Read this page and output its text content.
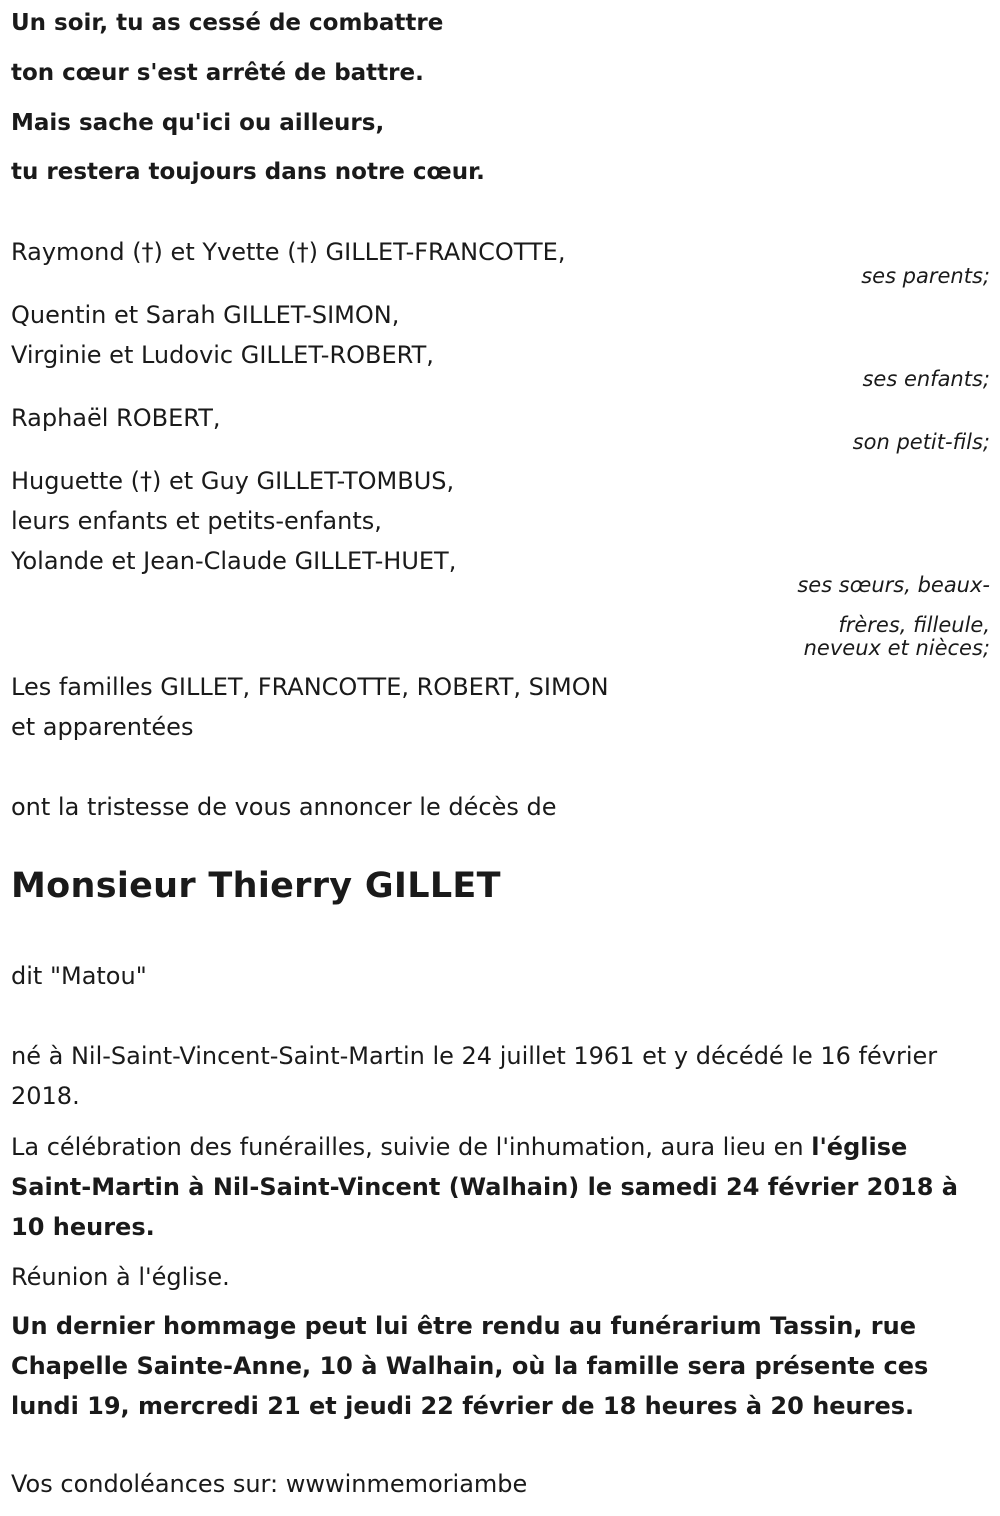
Un soir, tu as cessé de combattre
ton cœur s'est arrêté de battre.
Mais sache qu'ici ou ailleurs,
tu restera toujours dans notre cœur.
Raymond (†) et Yvette (†) GILLET-FRANCOTTE,
ses parents;
Quentin et Sarah GILLET-SIMON,
Virginie et Ludovic GILLET-ROBERT,
ses enfants;
Raphaël ROBERT,
son petit-fils;
Huguette (†) et Guy GILLET-TOMBUS,
leurs enfants et petits-enfants,
Yolande et Jean-Claude GILLET-HUET,
ses sœurs, beaux-
frères, filleule,
neveux et nièces;
Les familles GILLET, FRANCOTTE, ROBERT, SIMON
et apparentées
ont la tristesse de vous annoncer le décès de
Monsieur Thierry GILLET
dit "Matou"
né à Nil-Saint-Vincent-Saint-Martin le 24 juillet 1961 et y décédé le 16 février 2018.
La célébration des funérailles, suivie de l'inhumation, aura lieu en l'église Saint-Martin à Nil-Saint-Vincent (Walhain) le samedi 24 février 2018 à 10 heures.
Réunion à l'église.
Un dernier hommage peut lui être rendu au funérarium Tassin, rue Chapelle Sainte-Anne, 10 à Walhain, où la famille sera présente ces lundi 19, mercredi 21 et jeudi 22 février de 18 heures à 20 heures.
Vos condoléances sur: wwwinmemoriambe
